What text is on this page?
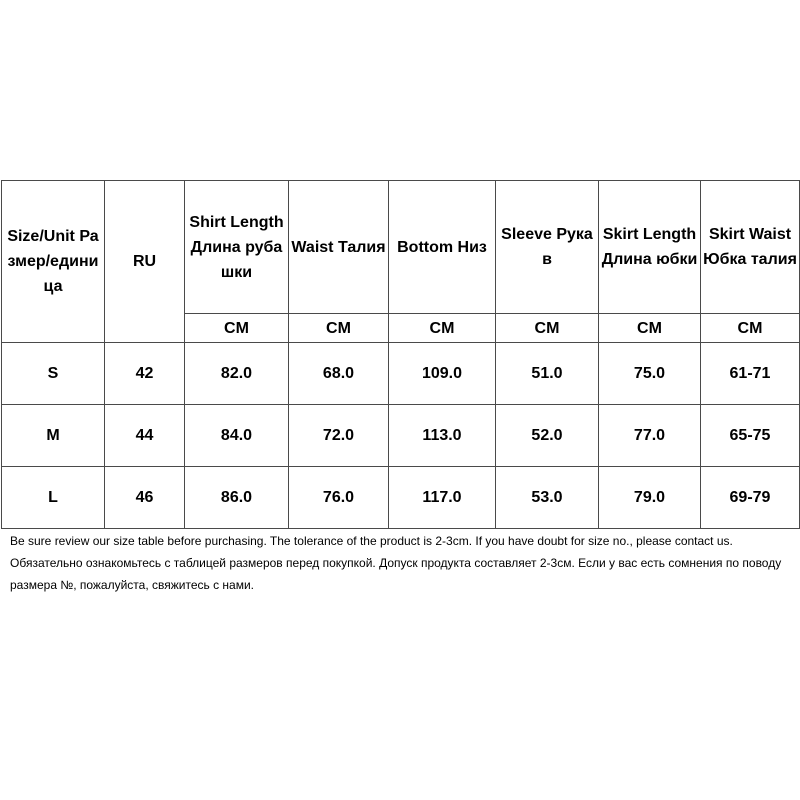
Size/Unit Размер/единица	RU	Shirt Length Длина рубашки	Waist Талия	Bottom Низ	Sleeve Рукав	Skirt Length Длина юбки	Skirt Waist Юбка талия
		CM	CM	CM	CM	CM	CM
S	42	82.0	68.0	109.0	51.0	75.0	61-71
M	44	84.0	72.0	113.0	52.0	77.0	65-75
L	46	86.0	76.0	117.0	53.0	79.0	69-79

Be sure review our size table before purchasing. The tolerance of the product is 2-3cm. If you have doubt for size no., please contact us.

Обязательно ознакомьтесь с таблицей размеров перед покупкой. Допуск продукта составляет 2-3см. Если у вас есть сомнения по поводу размера №, пожалуйста, свяжитесь с нами.
